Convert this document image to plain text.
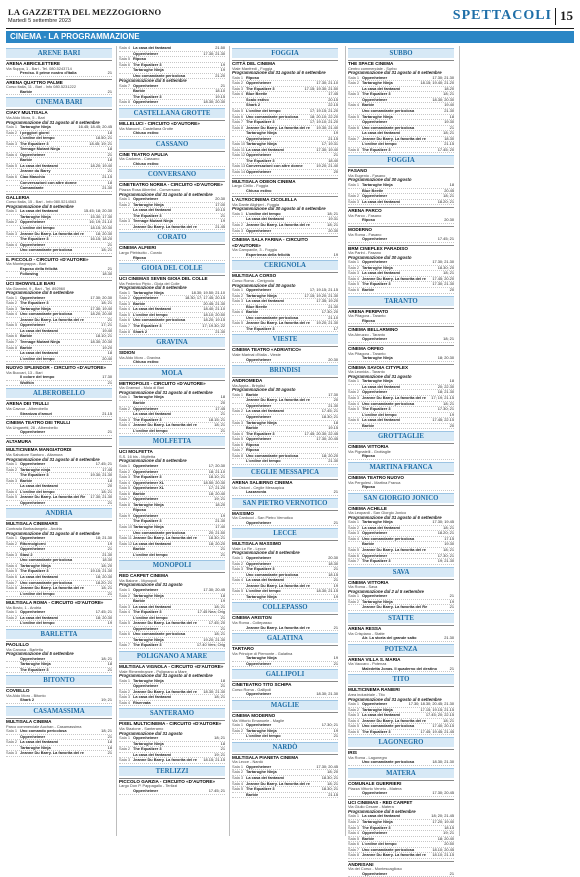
LA GAZZETTA DEL MEZZOGIORNO
Martedì 5 settembre 2023	SPETTACOLI 15
CINEMA - LA PROGRAMMAZIONE
ARENE BARI
ARENA ABRICILETTERE
Via Suppa, 1 - Bari - Tel. 080.5243714
Perciso. Il prime nostro d'Italia	21
ARENA QUATTRO PALME
Corso Italia, 11 - Bari - Info 080.5231222
Barbie	21
CINEMA BARI
CIAKY MULTISALA
Via Aldo Moro, 5 - Bari
Programmazione dal 31 agosto al 6 settembre
Sala 1 Tartarughe Ninja	16.45; 18.45; 20.45
Sala 2 I peggiori giorni	18
L'ordine del tempo	18.50; 21
Sala 3 The Equalizer 3	18.45; 19; 21
Teenage Mutant Ninja	18
Sala 4 Oppenheimer	21
Barbie	18
Sala 5 La casa dei fantasmi	18.20; 19.40
Jeanne du Barry	21
Sala 6 Ciao Maschio	21.15
Conversazioni con altre donne	18
Comandante	21.30
GALLERIA
Corso Italia, 15 - Bari - Info 080.5214563
Programmazione dal 5 settembre
Sala 1 La casa dei fantasmi	15.45; 18; 20.30
Tartarughe Ninja	15.30; 17.30
Sala 2 Oppenheimer	16; 19; 21.10
L'ordine del tempo	18.15; 20.30
Sala 3 Jeanne Du Barry. La favorita del re	18; 20.30
The Equalizer 3	16.15; 18.20
Sala 4 Oppenheimer	21
Uno comandante pericolosa	18; 21
IL PICCOLO - CIRCUITO «D'AUTORE»
Via Montegrappa - Bari
Esposo della felicità	21
Following	18.30
UCI SHOWVILLE BARI
Via Giannini, 9 - Bari - Tel. 892960
Programmazione dal 5 settembre
Sala 1 Oppenheimer	17.30; 20.30
Sala 2 The Equalizer 3	18; 21
Sala 3 Tartarughe Ninja	17.30; 19.40
Sala 4 Uno comandante pericolosa	18.20; 20.40
Jeanne Du Barry. La favorita del re	21
Sala 5 Oppenheimer	17; 21
La casa dei fantasmi	19.40
Sala 6 Barbie	18.10; 21
Sala 7 Teenage Mutant Ninja	18.30; 20.30
Sala 8 Barbie	19.20
La casa dei fantasmi	18
L'ordine del tempo	20.40
NUOVO SPLENDOR - CIRCUITO «D'AUTORE»
Via Buccari, 13 - Bari
Il colore del tempo	17.30
Wolfkin	21
ALBEROBELLO
ARENA DEI TRULLI
Via Cavour - Alberobello
Stranizza d'amuri	21.15
CINEMA TEATRO DEI TRULLI
Via Ungaretti, 28 - Alberobello
Oppenheimer	21
ALTAMURA
MULTICINEMA MANGIATORDI
Via Salvatore Santoro - Altamura
Programmazione dal 31 agosto al 6 settembre
Sala 1 Oppenheimer	17.45; 21
Sala 2 Tartarughe ninja	17.45
The Equalizer 3	19.30; 21.30
Sala 3 Barbie	18
La casa dei fantasmi	20
Sala 4 L'ordine del tempo	18; 21
Sala 5 Jeanne Du Barry. La favorita del Re	17.30; 21.30
Oppenheimer	21
ANDRIA
MULTISALA CINEMARS
Contrada Barbadangelo - Andria
Programmazione dal 31 agosto al 6 settembre
Sala 1 Oppenheimer	18; 21.30
Sala 2 Ritorno/giorni	19
Oppenheimer	21
Sala 3 Stasi 2	21.30
Uno comandante pericolosa	18.30
Sala 4 Tartarughe Ninja	18; 20
Sala 5 The Equalizer 3	19.15; 21.30
Sala 6 La casa dei fantasmi	18; 20.30
Sala 7 Uno comandante pericolosa	18.20; 21
Sala 8 Jeanne Du Barry. La favorita del re	18; 21
L'ordine del tempo	21
MULTISALA ROMA - CIRCUITO «D'AUTORE»
Via Bovio, 1 - Andria
Sala 1 Oppenheimer	17.45; 21
Sala 2 La casa dei fantasmi	18; 20.30
L'ordine del tempo	19
BARLETTA
PAOLILLO
Via Canosa - Barletta
Programmazione dal 5 settembre
Oppenheimer	18; 21
Tartarughe Ninja	18
The Equalizer 3	21
BITONTO
COVIELLO
Via Aldo Moro - Bitonto
Shark 2	19; 21
CASAMASSIMA
MULTISALA CINEMA
Parco commerciale Auchan - Casamassima
Sala 1 Uno comando pericolosa	18; 21
Oppenheimer	21
Sala 2 La casa dei fantasmi	18
Tartarughe Ninja	18
Sala 3 Jeanne Du Barry. La favorita del re	21
Sala 4 La casa dei fantasmi	21.50
Oppenheimer	17.30; 21.30
Sala 5 Riposo
Sala 6 The Equalizer 3	19
Tartarughe Ninja	19
Uno comandante pericolosa	21.20
Programmazione dal 5 settembre
Sala 7 Oppenheimer	21
Barbie	18.10
The Equalizer 3	19.15
Sala 8 Oppenheimer	18.30; 20.30
CASTELLANA GROTTE
MILLELUCI - CIRCUITO «D'AUTORE»
Via Marconi - Castellana Grotte
Chiuso estivo
CASSANO
CINE TEATRO APULIA
Via Cadorna - Cassano
Chiuso estivo
CONVERSANO
CINETEATRO NORBA - CIRCUITO «D'AUTORE»
Piazza Rosa Albertini - Conversano
Programmazione dal 31 agosto al 6 settembre
Sala 1 Oppenheimer	20.30
Sala 2 Tartarughe Ninja	17.00
La casa dei fantasmi	19.15
The Equalizer 3	21
Sala 3 Teenage Mutant Ninja	19
Jeanne Du Barry. La favorita del re	21.45
CORATO
CINEMA ALFIERI
Largo Plebiscito - Corato
Riposo
GIOIA DEL COLLE
UCI CINEMAS SEVEN GIOIA DEL COLLE
Via Federico Pinto - Gioia del Colle
Programmazione dal 5 settembre
Sala 1 Tartarughe Ninja	18.30; 19.50; 21.10
Sala 2 Oppenheimer	18.30; 17; 17.45; 20.15
Sala 3 Barbie	20.45; 21.30
Sala 4 La casa dei fantasmi	18.40; 21.10
Sala 5 L'ordine del tempo	18.10; 20.50
Sala 6 Uno comandante pericolosa	18.20; 19.15
Sala 7 The Equalizer 3	17; 19.30; 22
Sala 8 Shark 2	21.30
GRAVINA
SIDION
Via Aldo Moro - Gravina
Chiuso estivo
MOLA
METROPOLIS - CIRCUITO «D'AUTORE»
Via Gramsci - Mola di Bari
Programmazione dal 31 agosto al 6 settembre
Sala 1 Tartarughe Ninja	18
Barbie	20
Sala 2 Oppenheimer	17.45
La casa dei fantasmi	21
Sala 3 The Equalizer 3	18.15; 21
Sala 4 Jeanne Du Barry. La favorita del re	18; 21
L'ordine del tempo	21
MOLFETTA
UCI MOLFETTA
S.S. 16 bis - Molfetta
Programmazione dal 5 settembre
Sala 1 Oppenheimer	17; 20.30
Sala 2 Oppenheimer	18; 21.10
Sala 3 The Equalizer 3	18.10; 21
Sala 4 Oppenheimer XL	18.50; 20.30
Sala 5 Oppenheimer XL	17; 21.20
Sala 6 Barbie	18; 20.40
Sala 7 Oppenheimer	19; 21
Sala 8 Tartarughe Ninja	18.20
Riposo
Sala 9 Oppenheimer	19
The Equalizer 3	21.30
Sala 10 Tartarughe Ninja	17.40
Uno comandante pericolosa	20; 21.50
Sala 11 Jeanne Du Barry. La favorita del re	18.30; 21
Sala 12 La casa dei fantasmi	18; 20.20
Barbie	21
L'ordine del tempo	21
MONOPOLI
RED CARPET CINEMA
Via Baione - Monopoli
Programmazione dal 31 agosto
Sala 1 Oppenheimer	17.30; 20.45
Sala 2 Tartarughe Ninja	18
Barbie	19
Sala 3 La casa dei fantasmi	18; 21
Sala 4 The Equalizer 3	17.45 Nea; Orig
L'ordine del tempo	21
Sala 5 Jeanne Du Barry. La favorita del re	17.45; 20
Oppenheimer	21
Sala 6 Uno comandante pericolosa	18; 21
Tartarughe Ninja	19.20; 21.30
Sala 7 The Equalizer 3	17.40 Vers; Orig
POLIGNANO A MARE
MULTISALA VIGNOLA - CIRCUITO «D'AUTORE»
Viale Rimembranze - Polignano a Mare
Programmazione dal 31 agosto al 6 settembre
Sala 1 Tartarughe Ninja	18
Oppenheimer	21
Sala 2 Jeanne Du Barry. La favorita del re	18.30; 21.30
Sala 3 La casa dei fantasmi	18; 21
Sala 4 Riservata
SANTERAMO
PIXEL MULTICINEMA - CIRCUITO «D'AUTORE»
Via Stazione - Santeramo
Programmazione dal 31 agosto
Sala 1 Oppenheimer	18; 21
Tartarughe Ninja	18
Sala 2 The Equalizer 3	21
La casa dei fantasmi	19; 21
Sala 3 Jeanne Du Barry. La favorita del re	18.15; 21.15
TERLIZZI
PICCOLO GARZIA - CIRCUITO «D'AUTORE»
Largo Don P. Pappagallo - Terlizzi
Oppenheimer	17.45; 21
FOGGIA
CITTÀ DEL CINEMA
Viale Manfredi - Foggia
Programmazione dal 31 agosto al 6 settembre
Sala 1 Riposo
Sala 2 Oppenheimer	17.30; 21.10
Sala 3 The Equalizer 3	17.15; 19.30; 21.50
Sala 4 Blue Beetle	17.45
Scalo estivo	20.15
Shark 2	22.15
Sala 5 L'ordine del tempo	17; 19.15; 21.20
Sala 6 Uno comandante pericolosa	18; 20.10; 22.20
Sala 7 The Equalizer 3	17; 19.10; 21.20
Sala 8 Jeanne Du Barry. La favorita del re	19.30; 21.40
Tartarughe Ninja	19
Oppenheimer	21.15
Sala 10 Tartarughe Ninja	17; 19.31
Sala 11 La casa dei fantasmi	17.30; 19.40
Sala 12 Oppenheimer	21
The Equalizer 3	18.40
Sala 13 Conversazioni con altre donne	19.20; 21.40
Sala 14 Oppenheimer	20
MULTISALA ODEON CINEMA
Largo Cirillo - Foggia
Chiuso estivo
L'ALTROCINEMA CICOLELLA
Via Dante Alighieri - Foggia
Programmazione dal 30 agosto al 6 settembre
Sala 1 L'ordine del tempo	18; 21
La casa dei fantasmi	19.31
Sala 2 Jeanne Du Barry. La favorita del re	18; 21
Sala 3 Oppenheimer	20.30
CINEMA SALA FARINA - CIRCUITO «D'AUTORE»
Via Campanile, 3 - Foggia
Esperienza della felicità	19
CERIGNOLA
MULTISALA CORSO
Corso Roma - Cerignola
Programmazione dal 30 agosto
Sala 1 Oppenheimer	17; 19.15; 21.15
Sala 2 Tartarughe Ninja	17.15; 19.20; 21.30
Sala 3 La casa dei fantasmi	17.35; 19.20
Blue Beetle	21.30
Sala 4 Barbie	17.30; 20
Uno comandante pericolosa	21.10
Sala 5 Jeanne Du Barry. La favorita del re	19.20; 21.30
The Equalizer 3	17
VIESTE
CINEMA TEATRO «ADRIATICO»
Viale Marinai d'Italia - Vieste
Oppenheimer	20.30
BRINDISI
ANDROMEDA
Via Appia - Brindisi
Programmazione dal 30 agosto
Sala 1 Barbie	17.30
Jeanne Du Barry. La favorita del re	20
Oppenheimer	21.30
Sala 2 La casa dei fantasmi	17.45; 21
Oppenheimer	18.30; 21
Sala 3 Tartarughe Ninja	18
Barbie	19.15
Sala 4 The Equalizer 3	17.45; 20.30; 22.45
Sala 5 Oppenheimer	17.30; 20.45
Sala 6 Riposo
Sala 7 Riposo
Sala 8 Uno comandante pericolosa	18; 20.20
L'ordine del tempo	21.30
CEGLIE MESSAPICA
ARENA SALIERNO CINEMA
Via Ostuni - Ceglie Messapica
Lazzaronia	21
SAN PIETRO VERNOTICO
MASSIMO
Via Carducci - San Pietro Vernotico
Oppenheimer	21
LECCE
MULTISALA MASSIMO
Viale Lo Re - Lecce
Programmazione dal 5 settembre
Sala 1 Oppenheimer	20.30
Sala 2 Oppenheimer	18.30
Sala 3 The Equalizer 3	21
Uno comandante pericolosa	18.15
Sala 4 La casa dei fantasmi	21
Jeanne Du Barry. La favorita del re	19
Sala 5 L'ordine del tempo	18.30; 21.15
Tartarughe Ninja	19
COLLEPASSO
CINEMA ARISTON
Via Roma - Collepasso
Jeanne Du Barry. La favorita del re	21
GALATINA
TARTARO
Via Principe di Piemonte - Galatina
Tartarughe Ninja	19
Oppenheimer	21
GALLIPOLI
CINETEATRO TITO SCHIPA
Corso Roma - Gallipoli
Oppenheimer	18.30; 21.30
MAGLIE
CINEMA MODERNO
Via Vittorio Emanuele - Maglie
Sala 1 Oppenheimer	17.30; 21
Sala 2 Tartarughe Ninja	19
L'ordine del tempo	21
NARDÒ
MULTISALA PIANETA CINEMA
Via Lecce - Nardò
Sala 1 Oppenheimer	17.30; 20.45
Sala 2 Tartarughe Ninja	18; 20
Sala 3 La casa dei fantasmi	18.30; 21
Sala 4 Jeanne Du Barry. La favorita del re	18; 21
Sala 5 The Equalizer 3	18.30; 21
Barbie	21.15
SUBBO
THE SPACE CINEMA
Centro commerciale - Surbo
Programmazione dal 31 agosto al 6 settembre
Sala 1 Oppenheimer	17.30; 21.30
Sala 2 Tartarughe Ninja	18.15; 19.40; 21.20
La casa dei fantasmi	18.20
Sala 3 The Equalizer 3	18; 21
Oppenheimer	18.30; 20.30
Sala 4 Barbie	19.40
Uno comandante pericolosa	21.30
Sala 5 Tartarughe Ninja	18
Oppenheimer	19.30
Sala 6 Uno comandante pericolosa	21
La casa dei fantasmi	18; 21
Sala 7 Jeanne Du Barry. La favorita del re	18.30
L'ordine del tempo	21.15
Sala 8 The Equalizer 3	17.45; 20
FOGGIA
FASANO
Via Eugenio - Fasano
Programmazione dal 30 agosto
Sala 1 Tartarughe Ninja	18
Blue Beetle	20.45
Sala 2 Oppenheimer	18; 21
Sala 3 La casa dei fantasmi	18.20; 21
ARENA PARCO
Via Parco - Fasano
Riposo	20.30
MODERNO
Via Roma - Fasano
Oppenheimer	17.45; 21
BRM CINEPLEX PARADISO
Via Parini - Fasano
Programmazione dal 30 agosto
Sala 1 Oppenheimer	17.30; 21.30
Sala 2 Tartarughe Ninja	18.30; 20
Sala 3 La casa dei fantasmi	18; 21
Sala 4 Jeanne Du Barry. La favorita del re	17.45; 20.20
Sala 5 The Equalizer 3	17.30; 21.30
Sala 6 Barbie	20
TARANTO
ARENA PERIPATO
Via Pitagora - Taranto
Riposo
CINEMA BELLARMINO
Via Abruzzo - Taranto
Oppenheimer	18; 21
CINEMA ORFEO
Via Pitagora - Taranto
Tartarughe Ninja	18; 20.30
CINEMA SAVOIA CITYPLEX
Via Leonida - Taranto
Programmazione dal 31 agosto
Sala 1 Tartarughe Ninja	18
La casa dei fantasmi	20; 22.30
Sala 2 Oppenheimer	18; 21.30
Sala 3 Jeanne Du Barry. La favorita del re	17; 19; 21.15
Sala 4 Uno comandante pericolosa	18; 21
Sala 5 The Equalizer 3	17.30; 21
L'ordine del tempo	19
Sala 6 La casa dei fantasmi	17.45; 22.15
Barbie	20
GROTTAGLIE
CINEMA VITTORIA
Via Pignatelli - Grottaglie
Riposo
MARTINA FRANCA
CINEMA TEATRO NUOVO
Via Pergolesi - Martina Franca
Riposo
SAN GIORGIO JONICO
CINEMA ACHILLE
Via Leopardi - San Giorgio Jonico
Programmazione dal 31 agosto al 6 settembre
Sala 1 Tartarughe Ninja	17.30; 19.45
Sala 2 La casa dei fantasmi	18; 21
Sala 3 Oppenheimer	18.20; 21
Sala 4 Uno comandante pericolosa	17.15
Barbie	19.30
Sala 5 Jeanne Du Barry. La favorita del re	18; 21
Sala 6 Oppenheimer	17.30; 21
Sala 7 The Equalizer 3	19; 21.30
SAVA
CINEMA VITTORIA
Via Roma - Sava
Programmazione dal 2 al 5 settembre
Sala 1 Oppenheimer	21
Sala 2 Tartarughe Ninja	19
Jeanne Du Barry. La favorita del Re	21
STATTE
ARENA RESSA
Via Crispiano - Statte
Air. La storia del grande salto	21.30
POTENZA
ARENA VILLA S. MARIA
Via Vaccaro - Potenza
Maledetta Jonas. Il quaderno del destino	21
TITO
MULTICINEMA RANIERI
Area industriale - Tito
Programmazione dal 31 agosto al 6 settembre
Sala 1 Oppenheimer	17.30; 18.30; 20.45; 21.30
Sala 2 Tartarughe Ninja	17.15; 19.15; 21.15
Sala 3 La casa dei fantasmi	17.45; 20; 22.15
Sala 4 Jeanne Du Barry. La favorita del re	18; 21
Sala 5 Uno comandante pericolosa	17.40; 20.15
Sala 6 The Equalizer 3	17.45; 19.45; 21.45
LAGONEGRO
IRIS
Via Roma - Lagonegro
Uno comandante pericolosa	18.30; 21.30
MATERA
COMUNALE GUERRIERI
Piazza Vittorio Veneto - Matera
Oppenheimer	17.30; 20.45
UCI CINEMAS - RED CARPET
Via Giulio Cesare - Matera
Programmazione dal 5 settembre
Sala 1 La casa dei fantasmi	18; 20; 21.45
Sala 2 Tartarughe Ninja	17.20; 19.40
Sala 3 The Equalizer 3	18.15
Sala 4 Oppenheimer	19; 21
Sala 5 Barbie	18; 20.40
Sala 6 L'ordine del tempo	20.50
Sala 7 Uno comandante pericolosa	18.10; 20.45
Sala 8 Jeanne Du Barry. La favorita del re	18.10; 21.15
ANDRISANI
Via del Corso - Montescaglioso
Oppenheimer	21
